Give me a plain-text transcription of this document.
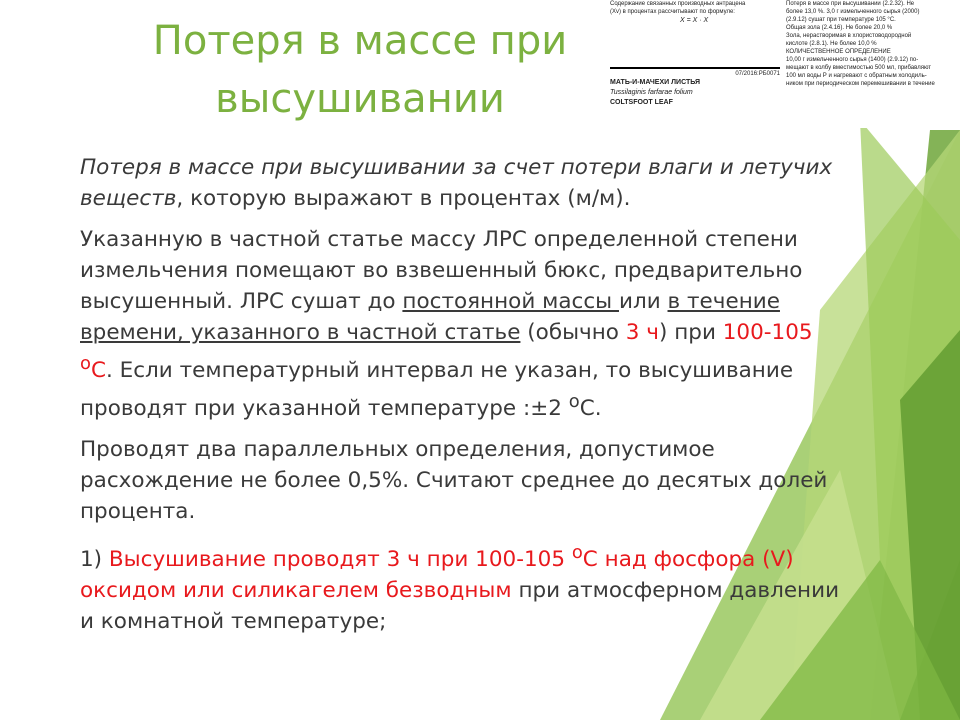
Потеря в массе при
высушивании
Содержание связанных производных антрацена
(Xv) в процентах рассчитывают по формуле:
X = X · X
07/2016:РБ0071
МАТЬ-И-МАЧЕХИ ЛИСТЬЯ
Tussilaginis farfarae folium
COLTSFOOT LEAF
Потеря в массе при высушивании (2.2.32). Не
более 13,0 %. 3,0 г измельченного сырья (2000)
(2.9.12) сушат при температуре 105 °С.
Общая зола (2.4.16). Не более 20,0 %
Зола, нерастворимая в хлористоводородной
кислоте (2.8.1). Не более 10,0 %
КОЛИЧЕСТВЕННОЕ ОПРЕДЕЛЕНИЕ
10,00 г измельченного сырья (1400) (2.9.12) по-
мещают в колбу вместимостью 500 мл, прибавляют
100 мл воды Р и нагревают с обратным холодиль-
ником при периодическом перемешивании в течение

Потеря в массе при высушивании за счет потери влаги и летучих веществ, которую выражают в процентах (м/м).

Указанную в частной статье массу ЛРС определенной степени измельчения помещают во взвешенный бюкс, предварительно высушенный. ЛРС сушат до постоянной массы или в течение времени, указанного в частной статье (обычно 3 ч) при 100-105 $^о$С. Если температурный интервал не указан, то высушивание проводят при указанной температуре :±2 $^о$С.

Проводят два параллельных определения, допустимое расхождение не более 0,5%. Считают среднее до десятых долей процента.

1) Высушивание проводят 3 ч при 100-105 $^о$С над фосфора (V) оксидом или силикагелем безводным при атмосферном давлении и комнатной температуре;
